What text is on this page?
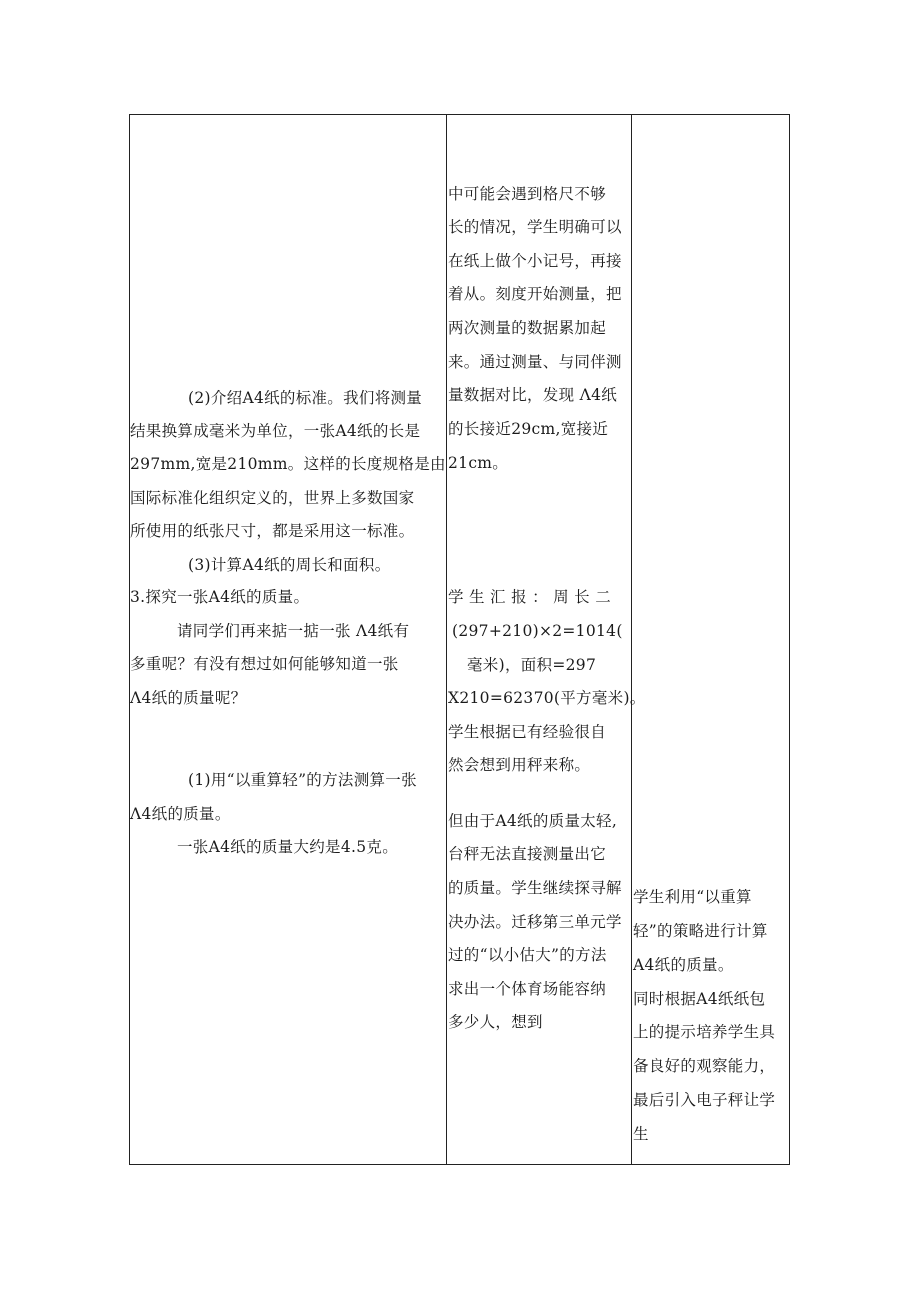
(2)介绍A4纸的标准。我们将测量
结果换算成毫米为单位，一张A4纸的长是
297mm,宽是210mm。这样的长度规格是由
国际标准化组织定义的，世界上多数国家
所使用的纸张尺寸，都是采用这一标准。
(3)计算A4纸的周长和面积。
3.探究一张A4纸的质量。
请同学们再来掂一掂一张 Λ4纸有
多重呢？有没有想过如何能够知道一张
Λ4纸的质量呢？
(1)用“以重算轻”的方法测算一张
Λ4纸的质量。
一张A4纸的质量大约是4.5克。
中可能会遇到格尺不够
长的情况，学生明确可以
在纸上做个小记号，再接
着从。刻度开始测量，把
两次测量的数据累加起
来。通过测量、与同伴测
量数据对比，发现 Λ4纸
的长接近29cm,宽接近
21cm。
学 生 汇 报 ： 周 长 二
(297+210)×2=1014(
毫米)，面积=297
X210=62370(平方毫米)。
学生根据已有经验很自
然会想到用秤来称。
但由于A4纸的质量太轻,
台秤无法直接测量出它
的质量。学生继续探寻解
决办法。迁移第三单元学
过的“以小估大”的方法
求出一个体育场能容纳
多少人，想到
学生利用“以重算
轻”的策略进行计算
A4纸的质量。
同时根据A4纸纸包
上的提示培养学生具
备良好的观察能力，
最后引入电子秤让学
生
